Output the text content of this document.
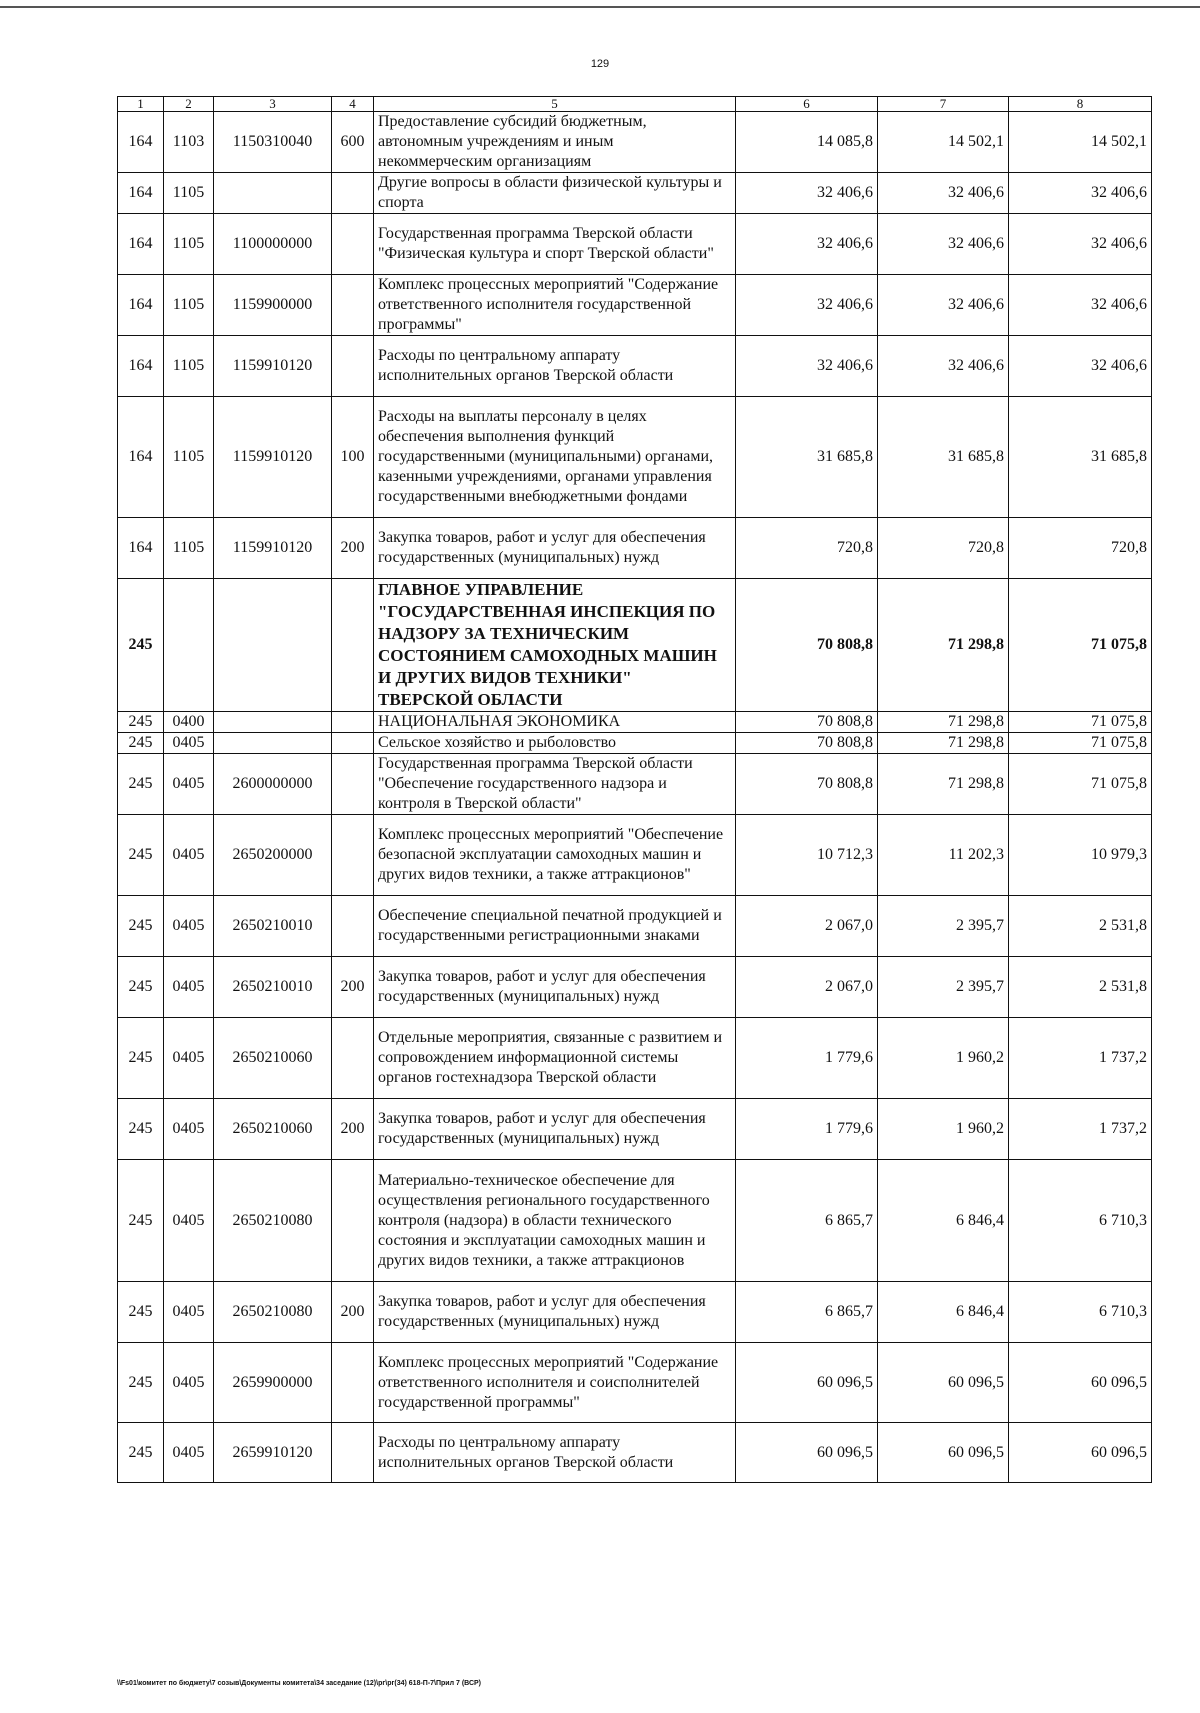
129
1	2	3	4	5	6	7	8
164	1103	1150310040	600	Предоставление субсидий бюджетным, автономным учреждениям и иным некоммерческим организациям	14 085,8	14 502,1	14 502,1
164	1105			Другие вопросы в области физической культуры и спорта	32 406,6	32 406,6	32 406,6
164	1105	1100000000		Государственная программа Тверской области "Физическая культура и спорт Тверской области"	32 406,6	32 406,6	32 406,6
164	1105	1159900000		Комплекс процессных мероприятий "Содержание ответственного исполнителя государственной программы"	32 406,6	32 406,6	32 406,6
164	1105	1159910120		Расходы по центральному аппарату исполнительных органов Тверской области	32 406,6	32 406,6	32 406,6
164	1105	1159910120	100	Расходы на выплаты персоналу в целях обеспечения выполнения функций государственными (муниципальными) органами, казенными учреждениями, органами управления государственными внебюджетными фондами	31 685,8	31 685,8	31 685,8
164	1105	1159910120	200	Закупка товаров, работ и услуг для обеспечения государственных (муниципальных) нужд	720,8	720,8	720,8
245				ГЛАВНОЕ УПРАВЛЕНИЕ "ГОСУДАРСТВЕННАЯ ИНСПЕКЦИЯ ПО НАДЗОРУ ЗА ТЕХНИЧЕСКИМ СОСТОЯНИЕМ САМОХОДНЫХ МАШИН И ДРУГИХ ВИДОВ ТЕХНИКИ" ТВЕРСКОЙ ОБЛАСТИ	70 808,8	71 298,8	71 075,8
245	0400			НАЦИОНАЛЬНАЯ ЭКОНОМИКА	70 808,8	71 298,8	71 075,8
245	0405			Сельское хозяйство и рыболовство	70 808,8	71 298,8	71 075,8
245	0405	2600000000		Государственная программа Тверской области "Обеспечение государственного надзора и контроля в Тверской области"	70 808,8	71 298,8	71 075,8
245	0405	2650200000		Комплекс процессных мероприятий "Обеспечение безопасной эксплуатации самоходных машин и других видов техники, а также аттракционов"	10 712,3	11 202,3	10 979,3
245	0405	2650210010		Обеспечение специальной печатной продукцией и государственными регистрационными знаками	2 067,0	2 395,7	2 531,8
245	0405	2650210010	200	Закупка товаров, работ и услуг для обеспечения государственных (муниципальных) нужд	2 067,0	2 395,7	2 531,8
245	0405	2650210060		Отдельные мероприятия, связанные с развитием и сопровождением информационной системы органов гостехнадзора Тверской области	1 779,6	1 960,2	1 737,2
245	0405	2650210060	200	Закупка товаров, работ и услуг для обеспечения государственных (муниципальных) нужд	1 779,6	1 960,2	1 737,2
245	0405	2650210080		Материально-техническое обеспечение для осуществления регионального государственного контроля (надзора) в области технического состояния и эксплуатации самоходных машин и других видов техники, а также аттракционов	6 865,7	6 846,4	6 710,3
245	0405	2650210080	200	Закупка товаров, работ и услуг для обеспечения государственных (муниципальных) нужд	6 865,7	6 846,4	6 710,3
245	0405	2659900000		Комплекс процессных мероприятий "Содержание ответственного исполнителя и соисполнителей государственной программы"	60 096,5	60 096,5	60 096,5
245	0405	2659910120		Расходы по центральному аппарату исполнительных органов Тверской области	60 096,5	60 096,5	60 096,5
\\Fs01\комитет по бюджету\7 созыв\Документы комитета\34 заседание (12)\рг\рг(34) 618-П-7\Прил 7 (ВСР)
